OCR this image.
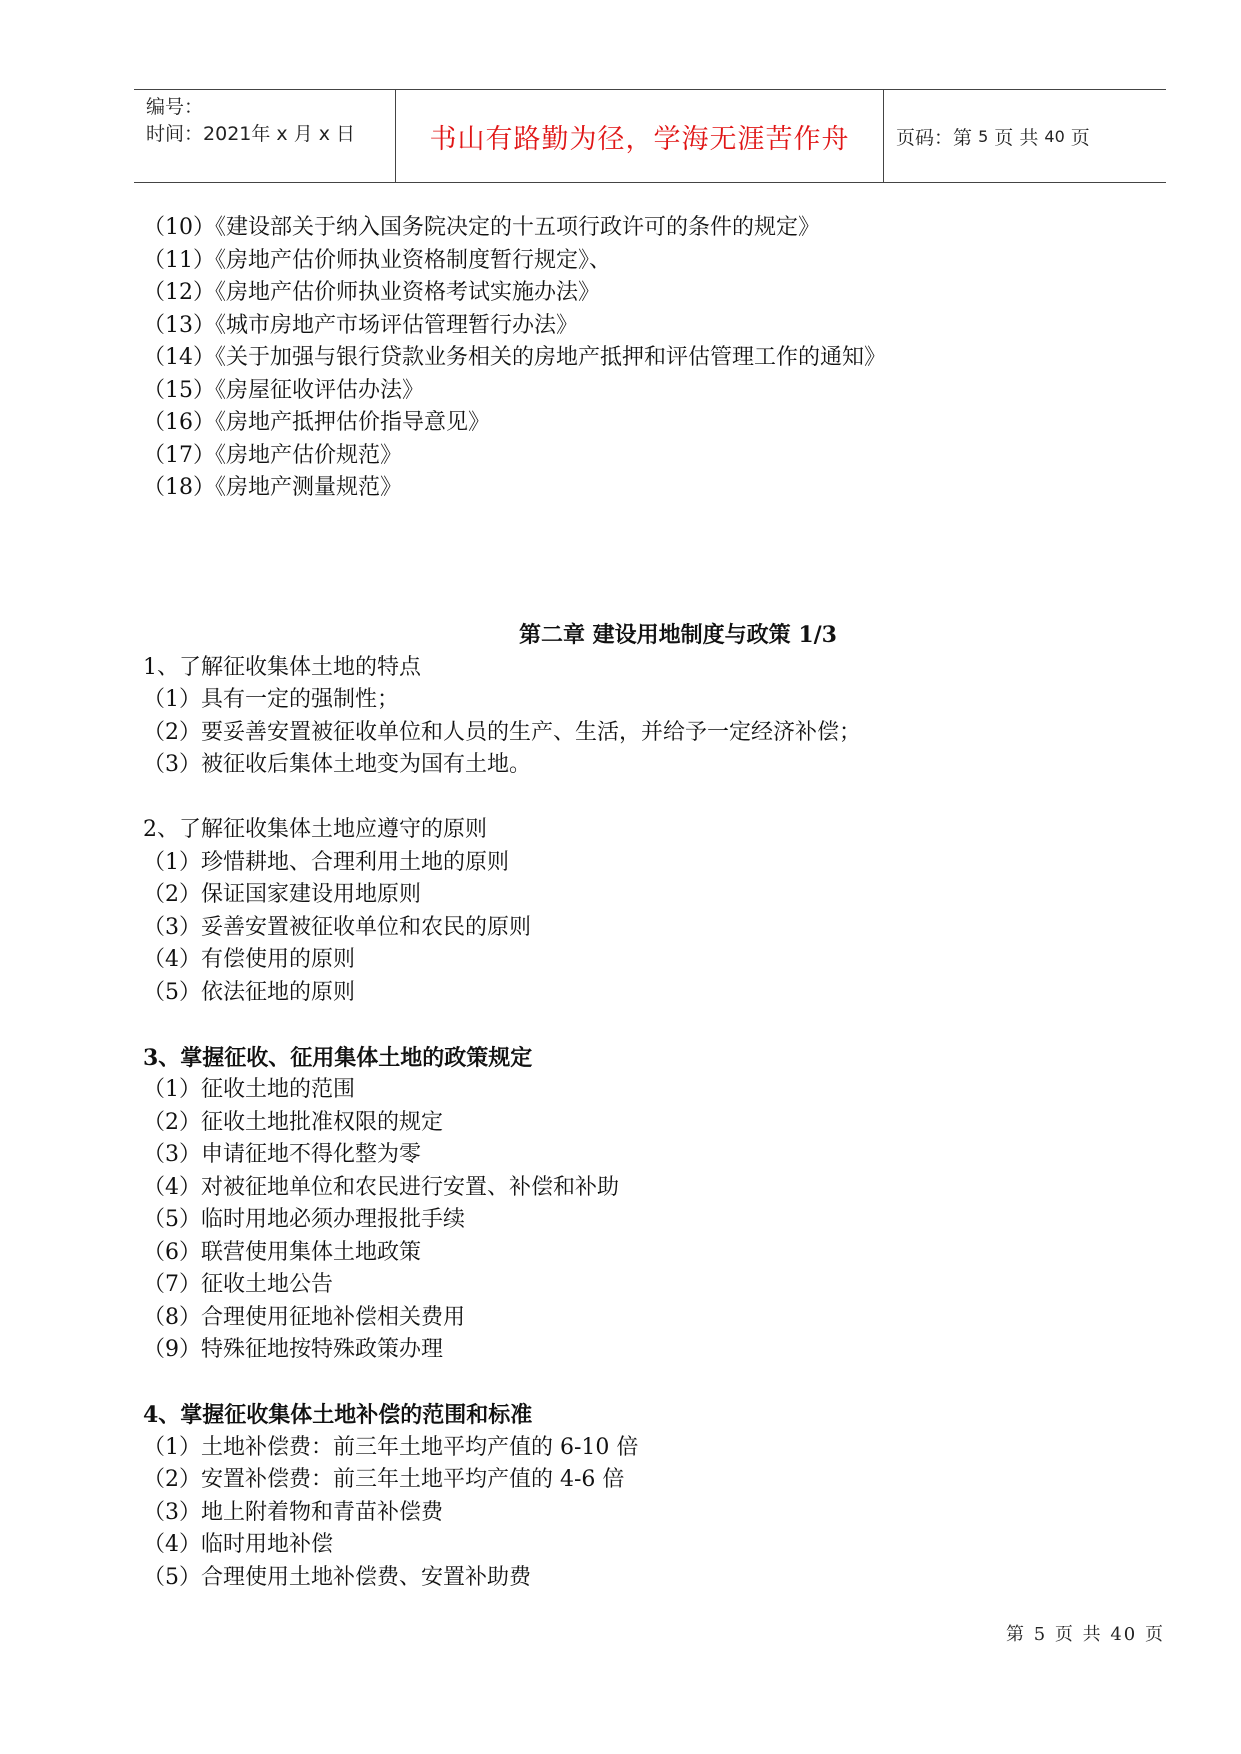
编号：
时间：2021年 x 月 x 日	书山有路勤为径，学海无涯苦作舟 页码：第
5
页 共
40
页
（10）《建设部关于纳入国务院决定的十五项行政许可的条件的规定》
（11）《房地产估价师执业资格制度暂行规定》、
（12）《房地产估价师执业资格考试实施办法》
（13）《城市房地产市场评估管理暂行办法》
（14）《关于加强与银行贷款业务相关的房地产抵押和评估管理工作的通知》
（15）《房屋征收评估办法》
（16）《房地产抵押估价指导意见》
（17）《房地产估价规范》
（18）《房地产测量规范》
第二章 建设用地制度与政策 1/3
1、了解征收集体土地的特点
（1）具有一定的强制性；
（2）要妥善安置被征收单位和人员的生产、生活，并给予一定经济补偿；
（3）被征收后集体土地变为国有土地。
2、了解征收集体土地应遵守的原则
（1）珍惜耕地、合理利用土地的原则
（2）保证国家建设用地原则
（3）妥善安置被征收单位和农民的原则
（4）有偿使用的原则
（5）依法征地的原则
3、掌握征收、征用集体土地的政策规定
（1）征收土地的范围
（2）征收土地批准权限的规定
（3）申请征地不得化整为零
（4）对被征地单位和农民进行安置、补偿和补助
（5）临时用地必须办理报批手续
（6）联营使用集体土地政策
（7）征收土地公告
（8）合理使用征地补偿相关费用
（9）特殊征地按特殊政策办理
4、掌握征收集体土地补偿的范围和标准
（1）土地补偿费：前三年土地平均产值的 6-10 倍
（2）安置补偿费：前三年土地平均产值的 4-6 倍
（3）地上附着物和青苗补偿费
（4）临时用地补偿
（5）合理使用土地补偿费、安置补助费
第 5 页 共 40 页
